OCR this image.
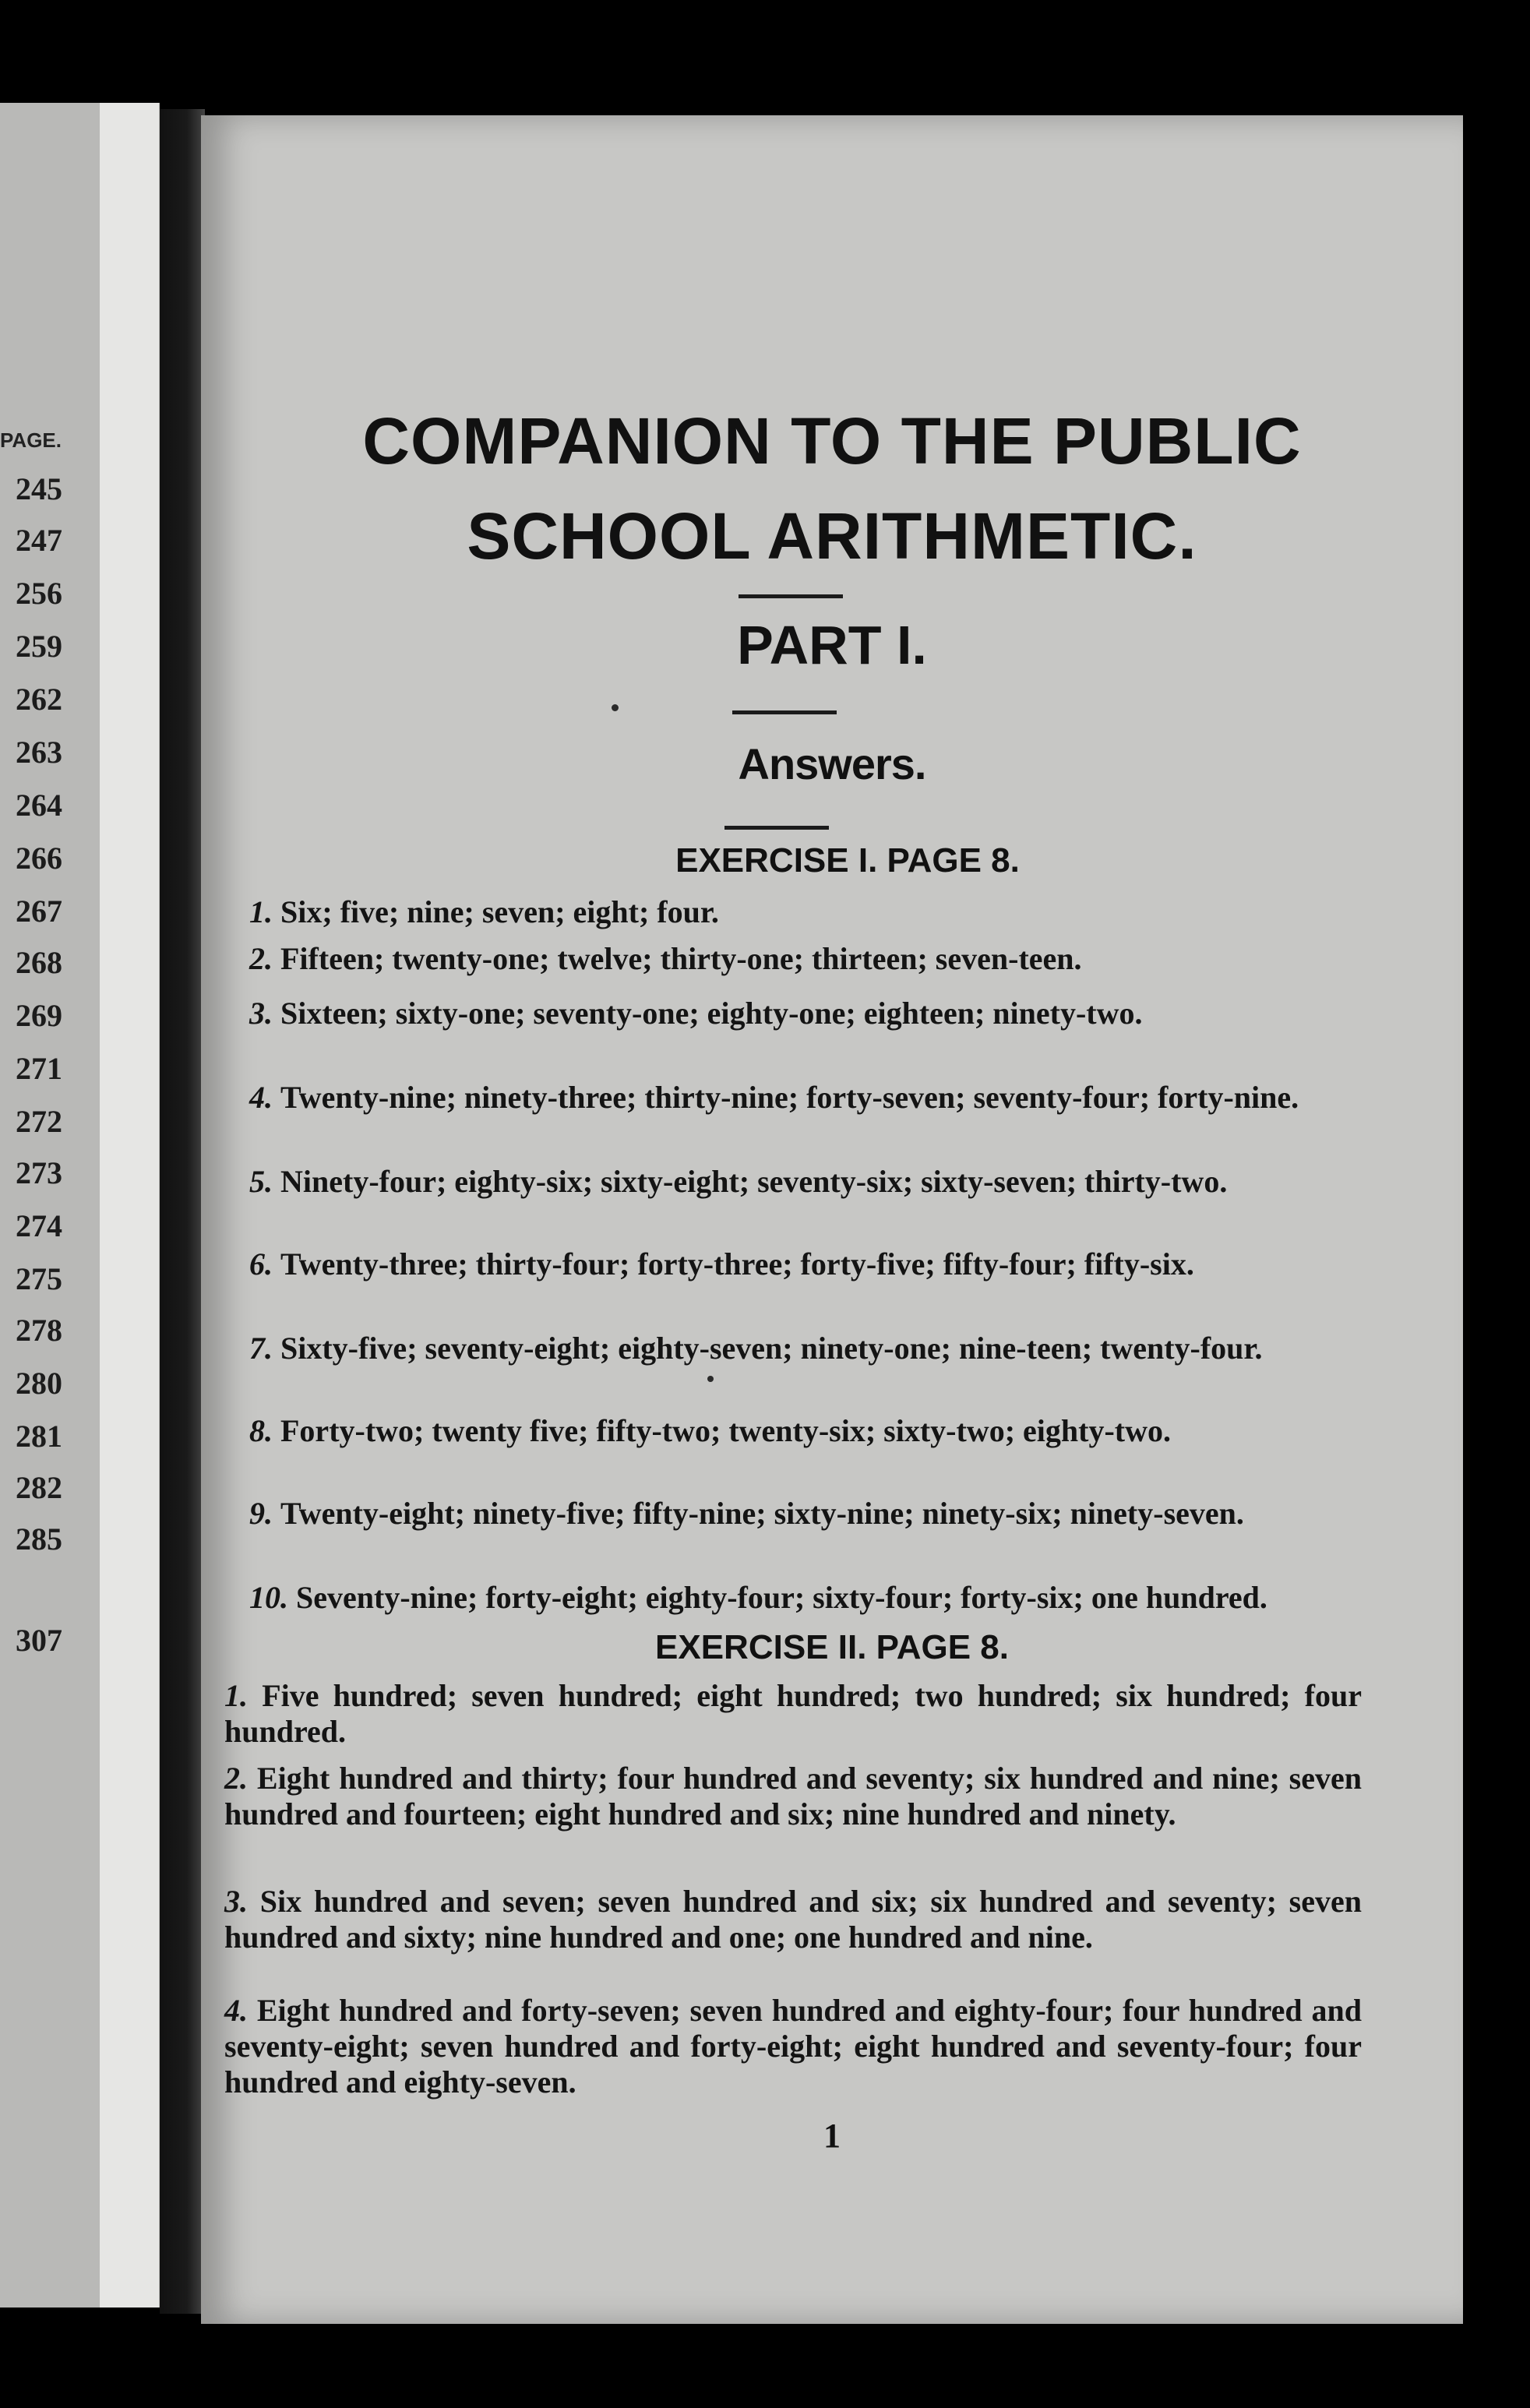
PAGE.
245
247
256
259
262
263
264
266
267
268
269
271
272
273
274
275
278
280
281
282
285
307
COMPANION TO THE PUBLIC
SCHOOL ARITHMETIC.
PART I.
Answers.
EXERCISE I. PAGE 8.
1. Six; five; nine; seven; eight; four.
2. Fifteen; twenty-one; twelve; thirty-one; thirteen; seven-teen.
3. Sixteen; sixty-one; seventy-one; eighty-one; eighteen; ninety-two.
4. Twenty-nine; ninety-three; thirty-nine; forty-seven; seventy-four; forty-nine.
5. Ninety-four; eighty-six; sixty-eight; seventy-six; sixty-seven; thirty-two.
6. Twenty-three; thirty-four; forty-three; forty-five; fifty-four; fifty-six.
7. Sixty-five; seventy-eight; eighty-seven; ninety-one; nine-teen; twenty-four.
8. Forty-two; twenty five; fifty-two; twenty-six; sixty-two; eighty-two.
9. Twenty-eight; ninety-five; fifty-nine; sixty-nine; ninety-six; ninety-seven.
10. Seventy-nine; forty-eight; eighty-four; sixty-four; forty-six; one hundred.
EXERCISE II. PAGE 8.
1. Five hundred; seven hundred; eight hundred; two hundred; six hundred; four hundred.
2. Eight hundred and thirty; four hundred and seventy; six hundred and nine; seven hundred and fourteen; eight hundred and six; nine hundred and ninety.
3. Six hundred and seven; seven hundred and six; six hundred and seventy; seven hundred and sixty; nine hundred and one; one hundred and nine.
4. Eight hundred and forty-seven; seven hundred and eighty-four; four hundred and seventy-eight; seven hundred and forty-eight; eight hundred and seventy-four; four hundred and eighty-seven.
1
